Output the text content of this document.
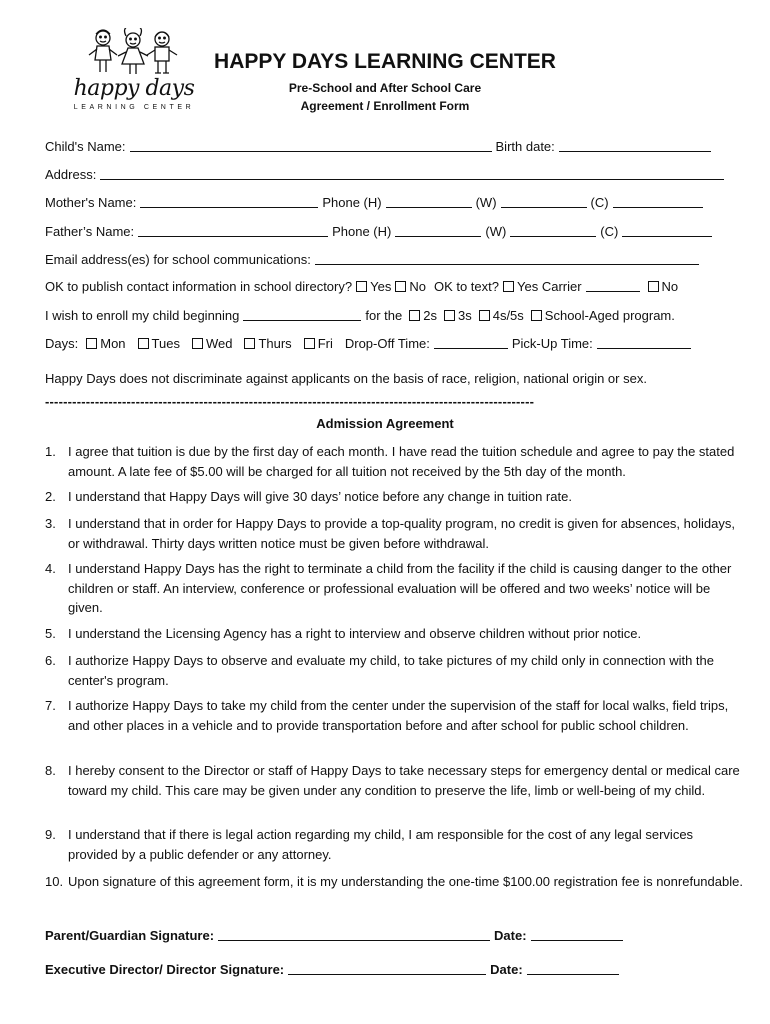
happy days
LEARNING CENTER
HAPPY DAYS LEARNING CENTER
Pre-School and After School Care
Agreement / Enrollment Form
Child's Name:	Birth date:
Address:
Mother's Name:	Phone (H)	(W)	(C)
Father’s Name:	Phone (H)	(W)	(C)
Email address(es) for school communications:
OK to publish contact information in school directory? Yes No OK to text? Yes Carrier	No
I wish to enroll my child beginning	for the 2s 3s 4s/5s School-Aged program.
Days: Mon Tues Wed Thurs Fri Drop-Off Time:	Pick-Up Time:
Happy Days does not discriminate against applicants on the basis of race, religion, national origin or sex.
------------------------------------------------------------------------------------------------------------
Admission Agreement
1. I agree that tuition is due by the first day of each month. I have read the tuition schedule and agree to pay the stated amount. A late fee of $5.00 will be charged for all tuition not received by the 5th day of the month.
2. I understand that Happy Days will give 30 days’ notice before any change in tuition rate.
3. I understand that in order for Happy Days to provide a top-quality program, no credit is given for absences, holidays, or withdrawal. Thirty days written notice must be given before withdrawal.
4. I understand Happy Days has the right to terminate a child from the facility if the child is causing danger to the other children or staff. An interview, conference or professional evaluation will be offered and two weeks’ notice will be given.
5. I understand the Licensing Agency has a right to interview and observe children without prior notice.
6. I authorize Happy Days to observe and evaluate my child, to take pictures of my child only in connection with the center's program.
7. I authorize Happy Days to take my child from the center under the supervision of the staff for local walks, field trips, and other places in a vehicle and to provide transportation before and after school for public school children.
8. I hereby consent to the Director or staff of Happy Days to take necessary steps for emergency dental or medical care toward my child. This care may be given under any condition to preserve the life, limb or well-being of my child.
9. I understand that if there is legal action regarding my child, I am responsible for the cost of any legal services provided by a public defender or any attorney.
10. Upon signature of this agreement form, it is my understanding the one-time $100.00 registration fee is nonrefundable.
Parent/Guardian Signature:	Date:
Executive Director/ Director Signature:	Date:
